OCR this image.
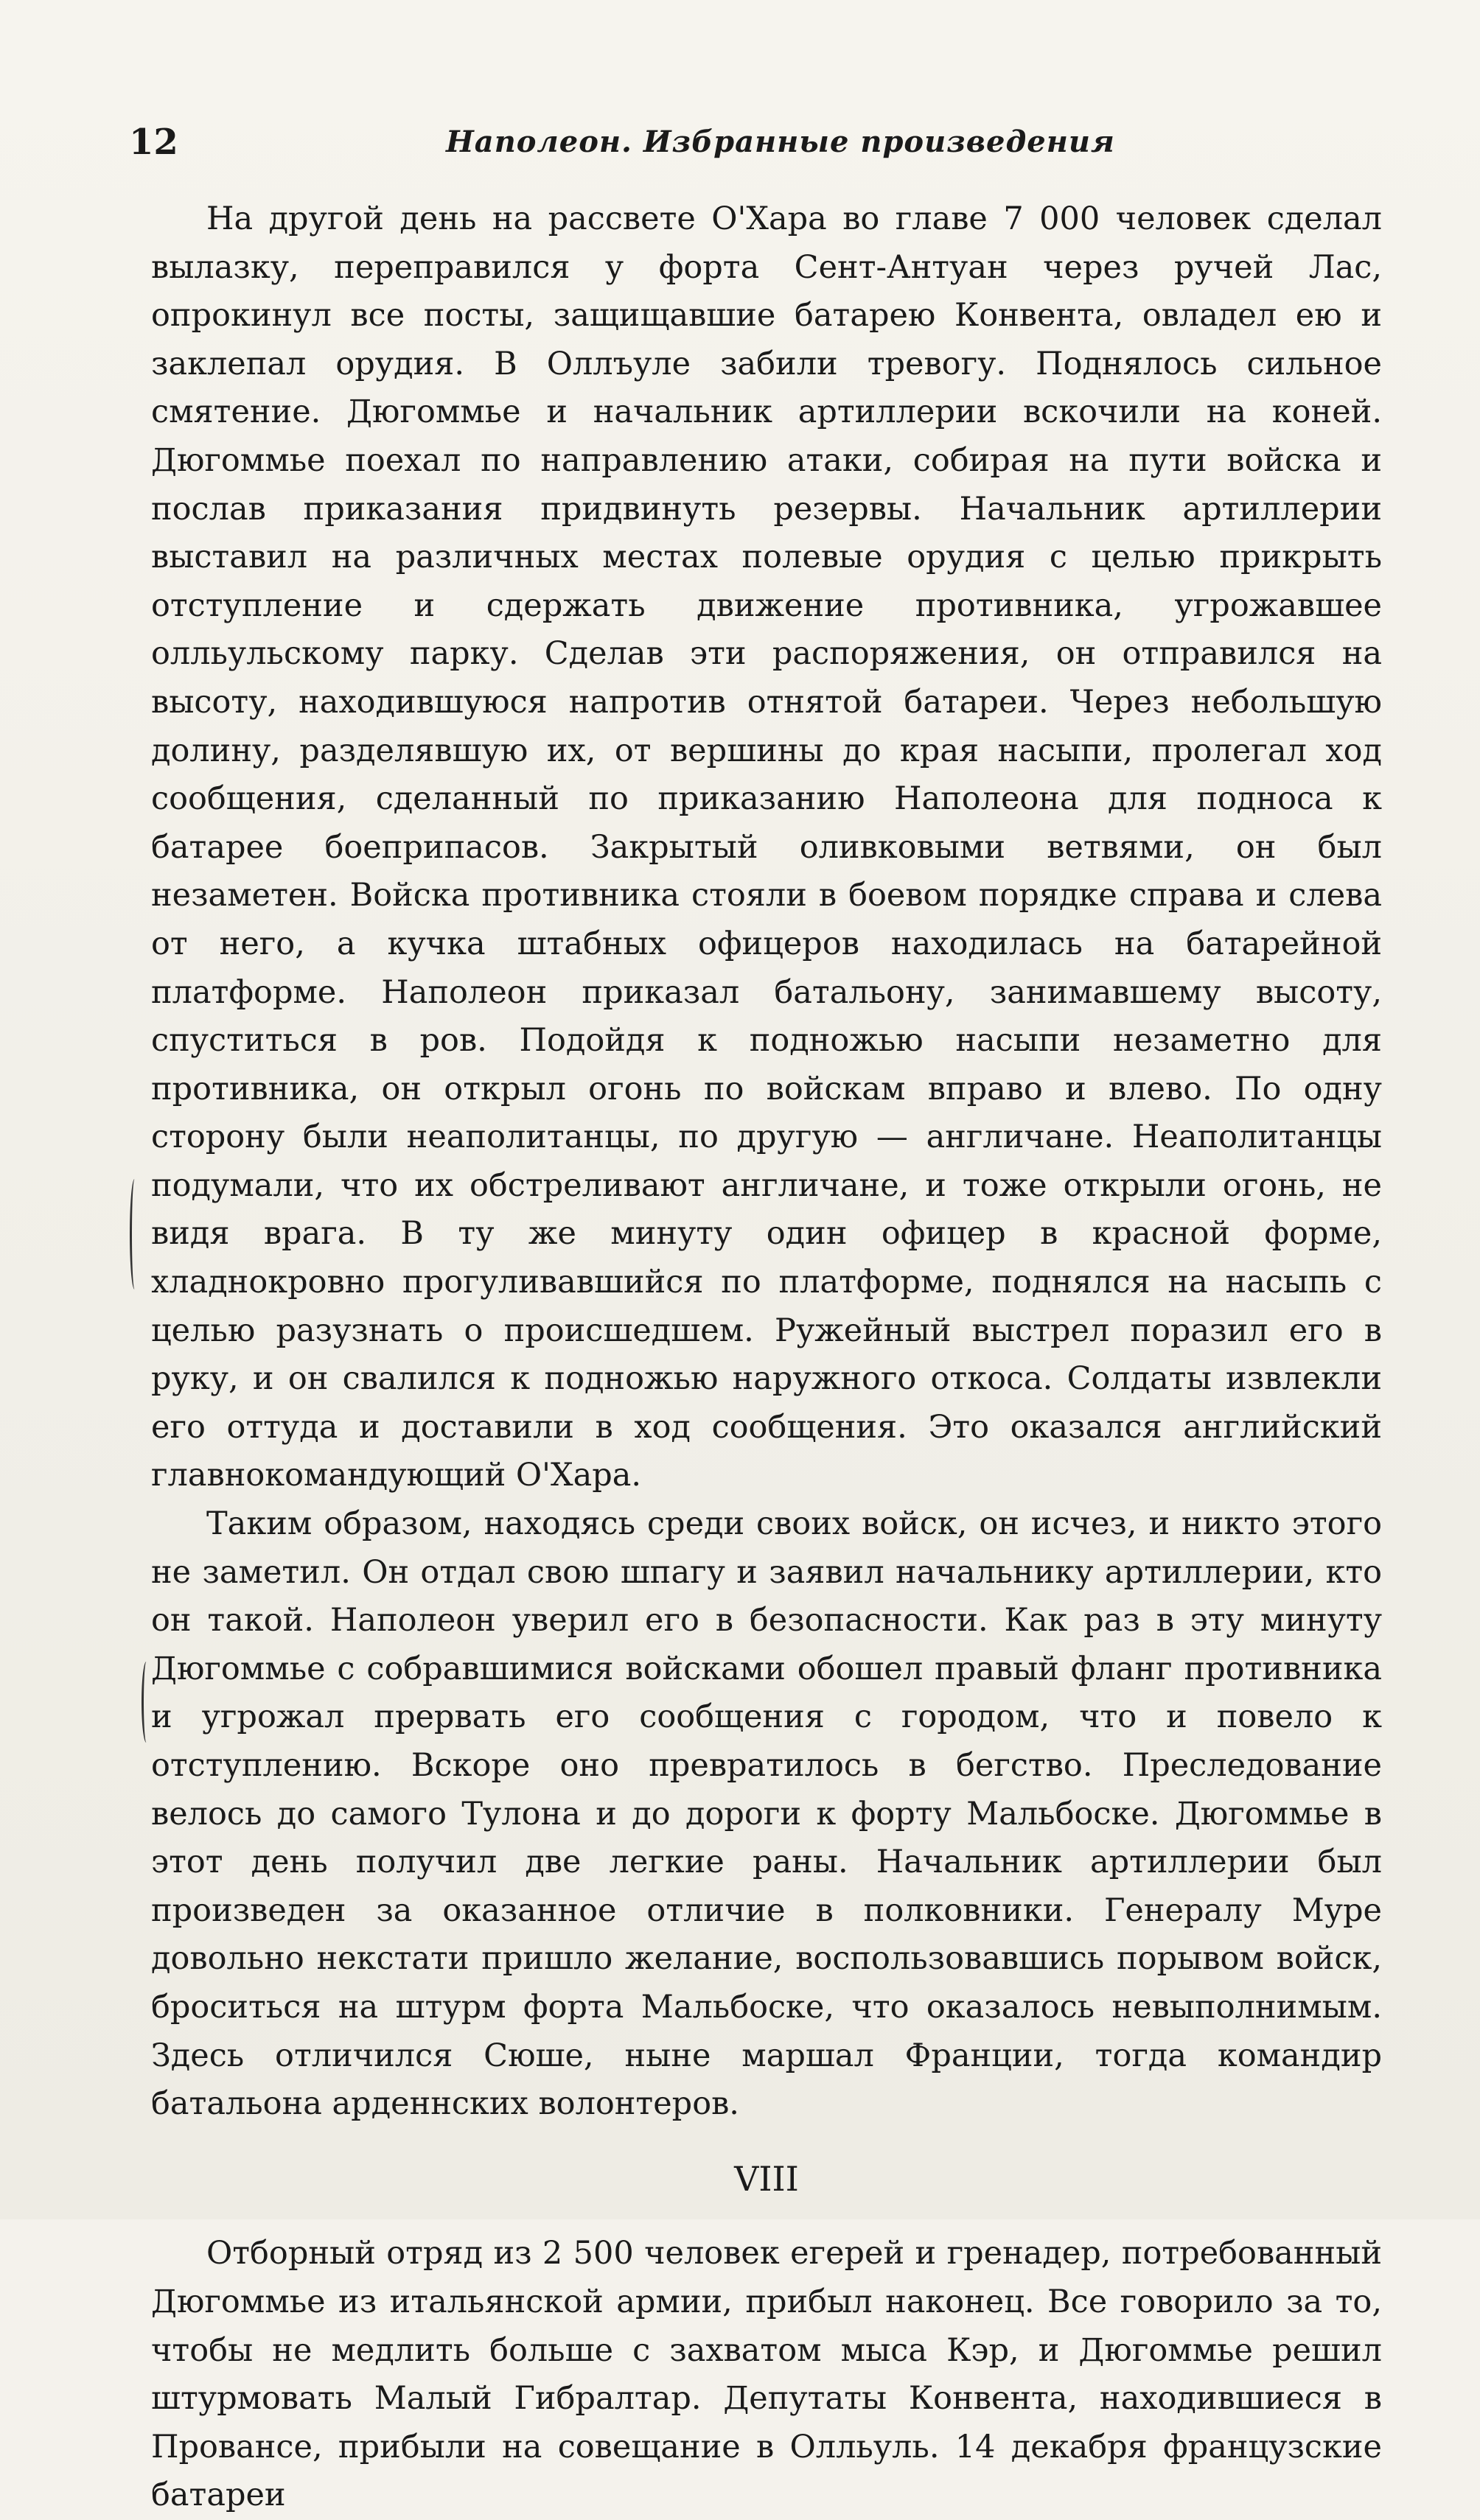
12	Наполеон. Избранные произведения

На другой день на рассвете О'Хара во главе 7 000 человек сделал вылазку, переправился у форта Сент-Антуан через ручей Лас, опрокинул все посты, защищавшие батарею Конвента, овладел ею и заклепал орудия. В Оллъуле забили тревогу. Поднялось сильное смятение. Дюгоммье и начальник артиллерии вскочили на коней. Дюгоммье поехал по направлению атаки, собирая на пути войска и послав приказания придвинуть резервы. Начальник артиллерии выставил на различных местах полевые орудия с целью прикрыть отступление и сдержать движение противника, угрожавшее олльульскому парку. Сделав эти распоряжения, он отправился на высоту, находившуюся напротив отнятой батареи. Через небольшую долину, разделявшую их, от вершины до края насыпи, пролегал ход сообщения, сделанный по приказанию Наполеона для подноса к батарее боеприпасов. Закрытый оливковыми ветвями, он был незаметен. Войска противника стояли в боевом порядке справа и слева от него, а кучка штабных офицеров находилась на батарейной платформе. Наполеон приказал батальону, занимавшему высоту, спуститься в ров. Подойдя к подножью насыпи незаметно для противника, он открыл огонь по войскам вправо и влево. По одну сторону были неаполитанцы, по другую — англичане. Неаполитанцы подумали, что их обстреливают англичане, и тоже открыли огонь, не видя врага. В ту же минуту один офицер в красной форме, хладнокровно прогуливавшийся по платформе, поднялся на насыпь с целью разузнать о происшедшем. Ружейный выстрел поразил его в руку, и он свалился к подножью наружного откоса. Солдаты извлекли его оттуда и доставили в ход сообщения. Это оказался английский главнокомандующий О'Хара.

Таким образом, находясь среди своих войск, он исчез, и никто этого не заметил. Он отдал свою шпагу и заявил начальнику артиллерии, кто он такой. Наполеон уверил его в безопасности. Как раз в эту минуту Дюгоммье с собравшимися войсками обошел правый фланг противника и угрожал прервать его сообщения с городом, что и повело к отступлению. Вскоре оно превратилось в бегство. Преследование велось до самого Тулона и до дороги к форту Мальбоске. Дюгоммье в этот день получил две легкие раны. Начальник артиллерии был произведен за оказанное отличие в полковники. Генералу Муре довольно некстати пришло желание, воспользовавшись порывом войск, броситься на штурм форта Мальбоске, что оказалось невыполнимым. Здесь отличился Сюше, ныне маршал Франции, тогда командир батальона арденнских волонтеров.

VIII

Отборный отряд из 2 500 человек егерей и гренадер, потребованный Дюгоммье из итальянской армии, прибыл наконец. Все говорило за то, чтобы не медлить больше с захватом мыса Кэр, и Дюгоммье решил штурмовать Малый Гибралтар. Депутаты Конвента, находившиеся в Провансе, прибыли на совещание в Олльуль. 14 декабря французские батареи
